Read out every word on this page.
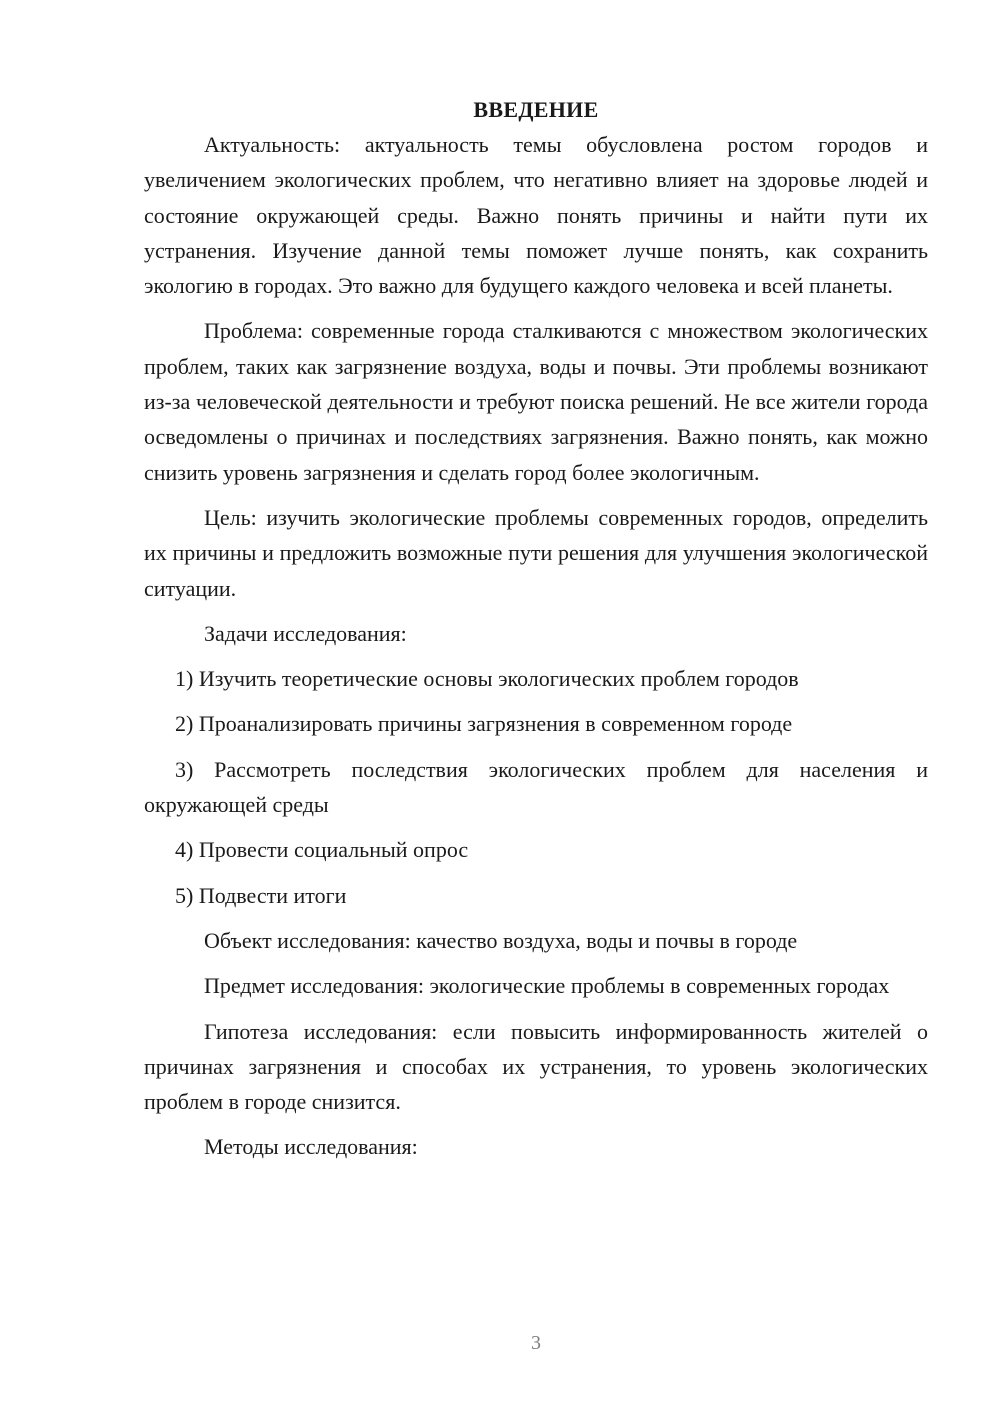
ВВЕДЕНИЕ

Актуальность: актуальность темы обусловлена ростом городов и увеличением экологических проблем, что негативно влияет на здоровье людей и состояние окружающей среды. Важно понять причины и найти пути их устранения. Изучение данной темы поможет лучше понять, как сохранить экологию в городах. Это важно для будущего каждого человека и всей планеты.

Проблема: современные города сталкиваются с множеством экологических проблем, таких как загрязнение воздуха, воды и почвы. Эти проблемы возникают из-за человеческой деятельности и требуют поиска решений. Не все жители города осведомлены о причинах и последствиях загрязнения. Важно понять, как можно снизить уровень загрязнения и сделать город более экологичным.

Цель: изучить экологические проблемы современных городов, определить их причины и предложить возможные пути решения для улучшения экологической ситуации.

Задачи исследования:

1) Изучить теоретические основы экологических проблем городов
2) Проанализировать причины загрязнения в современном городе
3) Рассмотреть последствия экологических проблем для населения и окружающей среды
4) Провести социальный опрос
5) Подвести итоги

Объект исследования: качество воздуха, воды и почвы в городе

Предмет исследования: экологические проблемы в современных городах

Гипотеза исследования: если повысить информированность жителей о причинах загрязнения и способах их устранения, то уровень экологических проблем в городе снизится.

Методы исследования:

3
